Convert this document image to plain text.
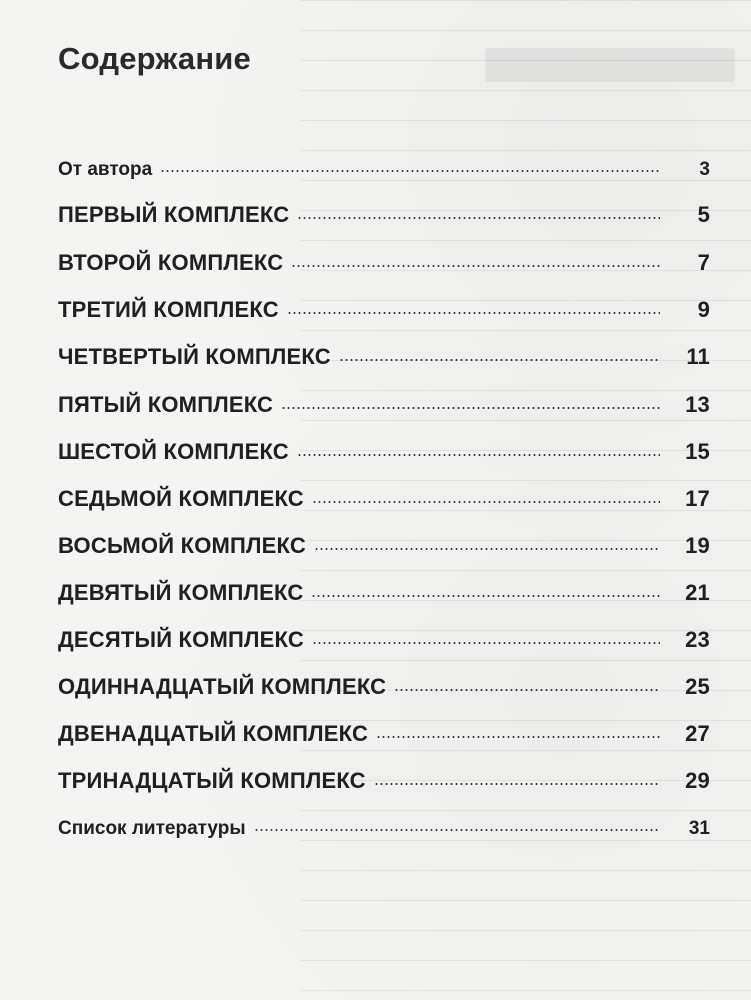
Содержание
От автора	3
ПЕРВЫЙ КОМПЛЕКС	5
ВТОРОЙ КОМПЛЕКС	7
ТРЕТИЙ КОМПЛЕКС	9
ЧЕТВЕРТЫЙ КОМПЛЕКС	11
ПЯТЫЙ КОМПЛЕКС	13
ШЕСТОЙ КОМПЛЕКС	15
СЕДЬМОЙ КОМПЛЕКС	17
ВОСЬМОЙ КОМПЛЕКС	19
ДЕВЯТЫЙ КОМПЛЕКС	21
ДЕСЯТЫЙ КОМПЛЕКС	23
ОДИННАДЦАТЫЙ КОМПЛЕКС	25
ДВЕНАДЦАТЫЙ КОМПЛЕКС	27
ТРИНАДЦАТЫЙ КОМПЛЕКС	29
Список литературы	31
